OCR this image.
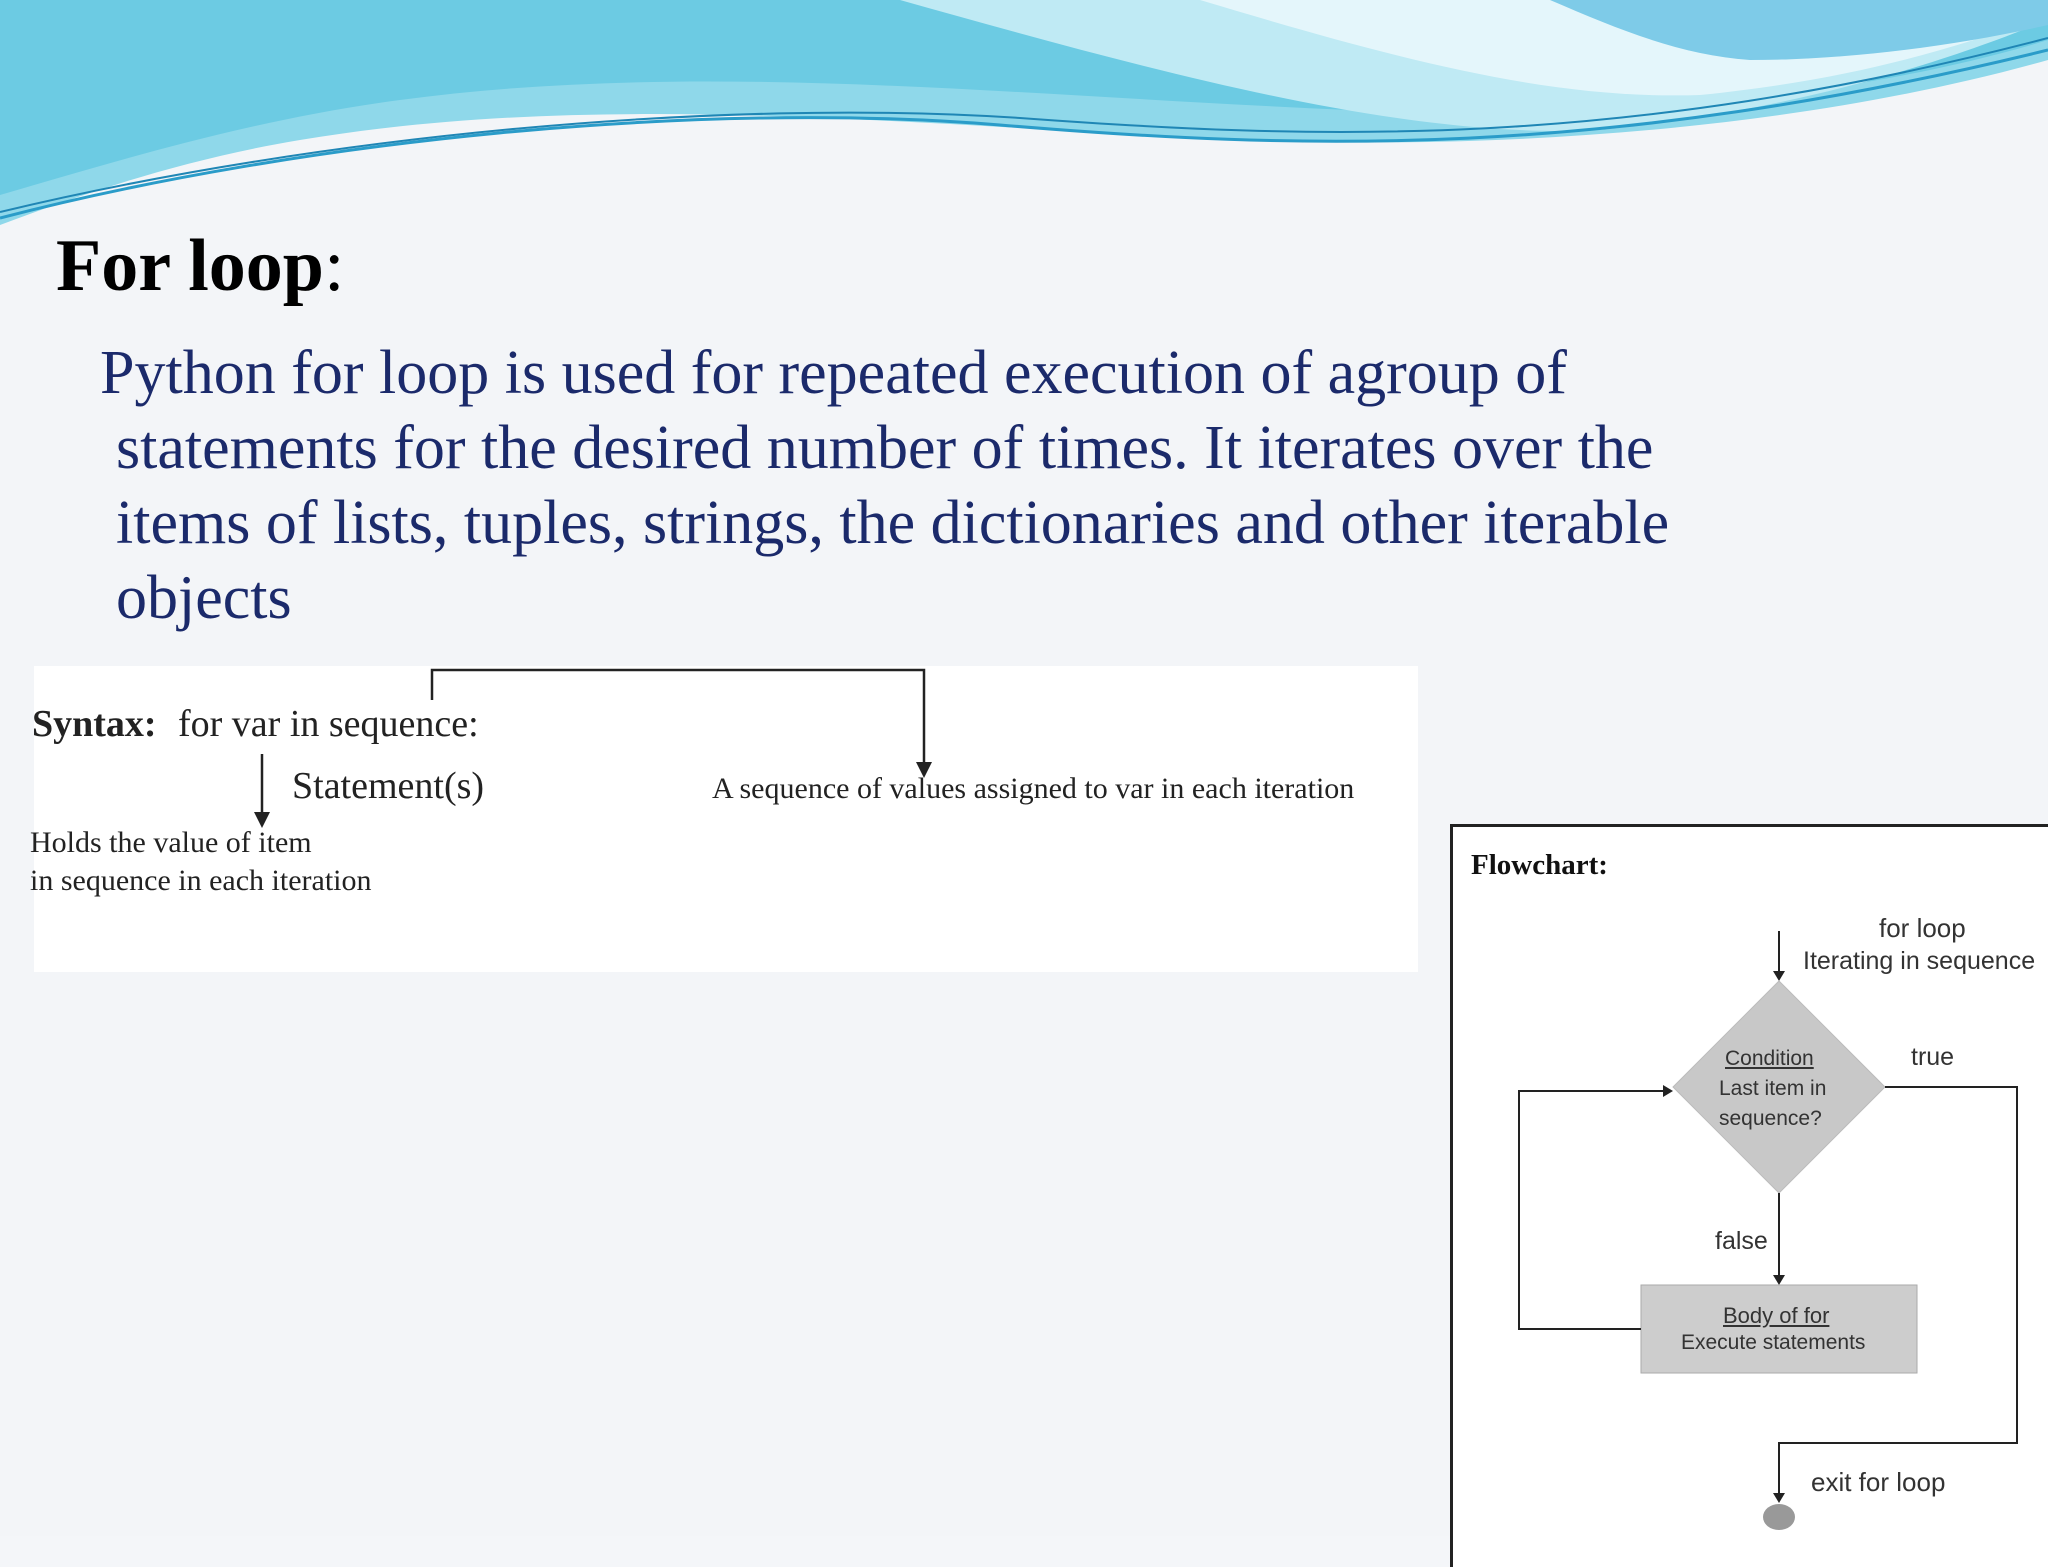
For loop:
Python for loop is used for repeated execution of agroup of
statements for the desired number of times. It iterates over the
items of lists, tuples, strings, the dictionaries and other iterable
objects
Syntax: for var in sequence:
Statement(s)	A sequence of values assigned to var in each iteration
Holds the value of item
in sequence in each iteration	Flowchart:
for loop
Iterating in sequence
true
false
Condition
Last item in
sequence?
Body of for
Execute statements
exit for loop
